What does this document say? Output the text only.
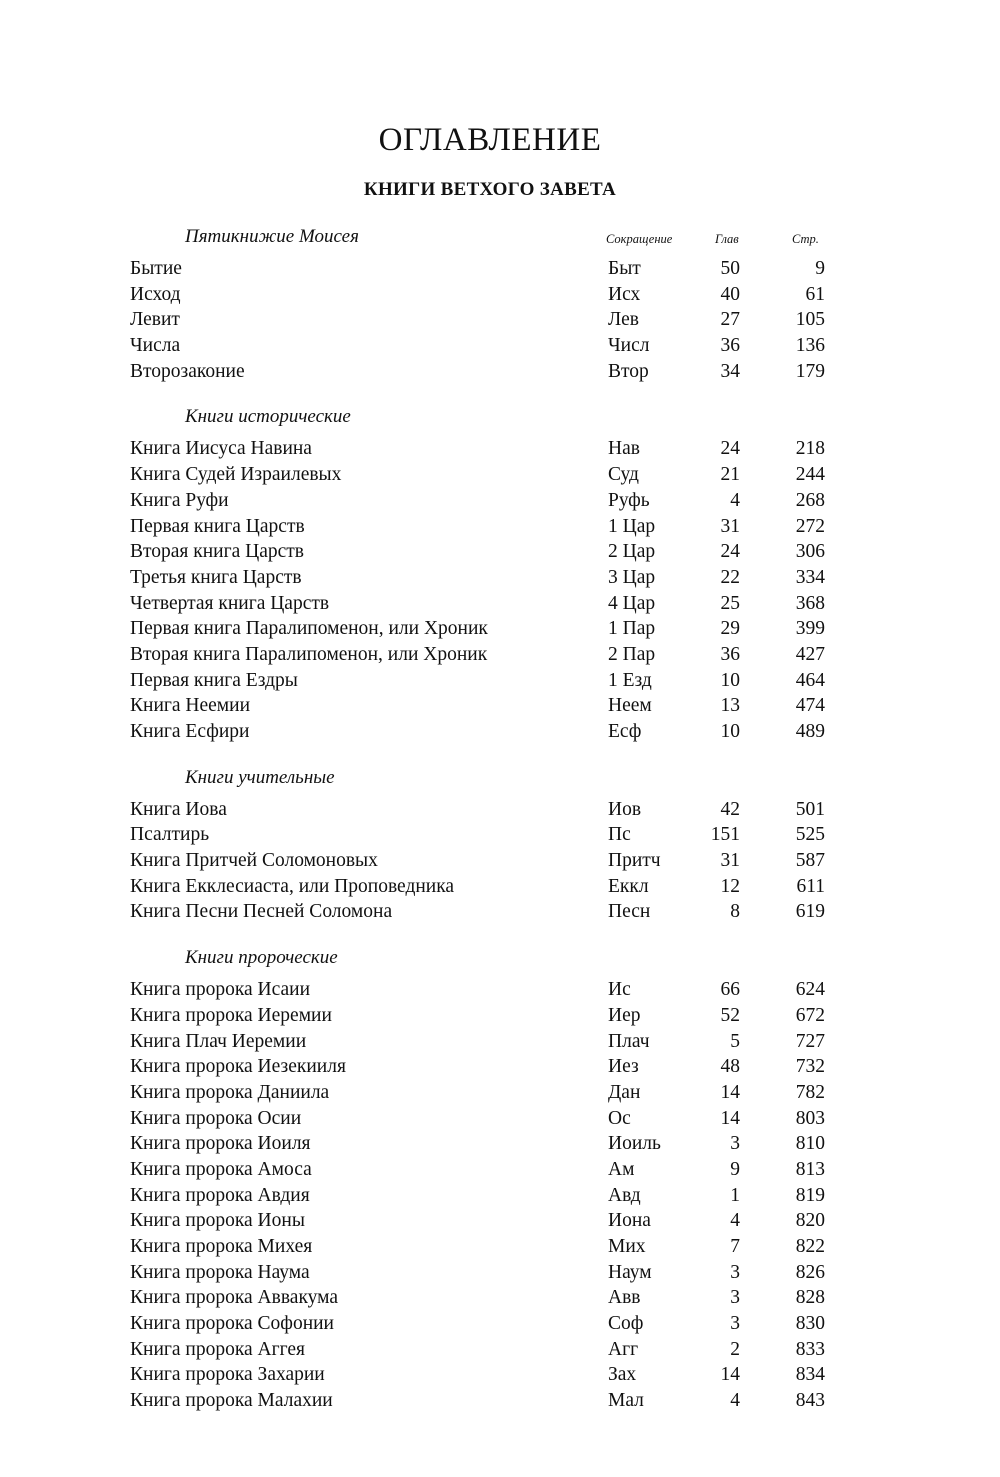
ОГЛАВЛЕНИЕ
КНИГИ ВЕТХОГО ЗАВЕТА
Пятикнижие Моисея	Сокращение	Глав	Стр.
Бытие	Быт	50	9
Исход	Исх	40	61
Левит	Лев	27	105
Числа	Числ	36	136
Второзаконие	Втор	34	179
Книги исторические
Книга Иисуса Навина	Нав	24	218
Книга Судей Израилевых	Суд	21	244
Книга Руфи	Руфь	4	268
Первая книга Царств	1 Цар	31	272
Вторая книга Царств	2 Цар	24	306
Третья книга Царств	3 Цар	22	334
Четвертая книга Царств	4 Цар	25	368
Первая книга Паралипоменон, или Хроник	1 Пар	29	399
Вторая книга Паралипоменон, или Хроник	2 Пар	36	427
Первая книга Ездры	1 Езд	10	464
Книга Неемии	Неем	13	474
Книга Есфири	Есф	10	489
Книги учительные
Книга Иова	Иов	42	501
Псалтирь	Пс	151	525
Книга Притчей Соломоновых	Притч	31	587
Книга Екклесиаста, или Проповедника	Еккл	12	611
Книга Песни Песней Соломона	Песн	8	619
Книги пророческие
Книга пророка Исаии	Ис	66	624
Книга пророка Иеремии	Иер	52	672
Книга Плач Иеремии	Плач	5	727
Книга пророка Иезекииля	Иез	48	732
Книга пророка Даниила	Дан	14	782
Книга пророка Осии	Ос	14	803
Книга пророка Иоиля	Иоиль	3	810
Книга пророка Амоса	Ам	9	813
Книга пророка Авдия	Авд	1	819
Книга пророка Ионы	Иона	4	820
Книга пророка Михея	Мих	7	822
Книга пророка Наума	Наум	3	826
Книга пророка Аввакума	Авв	3	828
Книга пророка Софонии	Соф	3	830
Книга пророка Аггея	Агг	2	833
Книга пророка Захарии	Зах	14	834
Книга пророка Малахии	Мал	4	843
